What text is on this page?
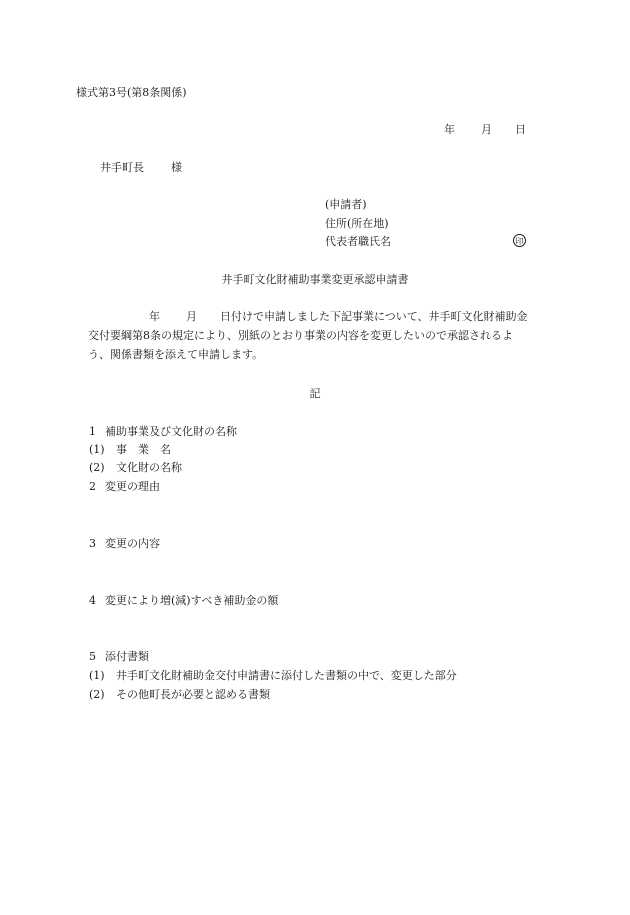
様式第3号(第8条関係)
年 月 日
井手町長 様
(申請者)
住所(所在地)
代表者職氏名	印
井手町文化財補助事業変更承認申請書
年 月 日付けで申請しました下記事業について、井手町文化財補助金
交付要綱第8条の規定により、別紙のとおり事業の内容を変更したいので承認されるよ
う、関係書類を添えて申請します。
記
1 補助事業及び文化財の名称
(1) 事　業　名
(2) 文化財の名称
2 変更の理由
3 変更の内容
4 変更により増(減)すべき補助金の額
5 添付書類
(1) 井手町文化財補助金交付申請書に添付した書類の中で、変更した部分
(2) その他町長が必要と認める書類
